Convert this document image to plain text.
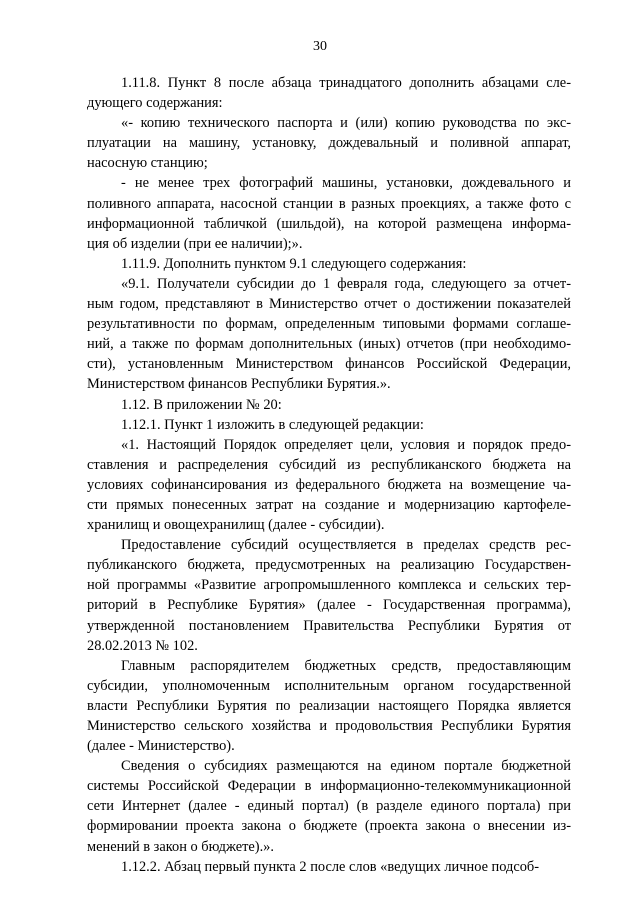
30
1.11.8. Пункт 8 после абзаца тринадцатого дополнить абзацами сле-
дующего содержания:
«- копию технического паспорта и (или) копию руководства по экс-
плуатации на машину, установку, дождевальный и поливной аппарат,
насосную станцию;
- не менее трех фотографий машины, установки, дождевального и
поливного аппарата, насосной станции в разных проекциях, а также фото с
информационной табличкой (шильдой), на которой размещена информа-
ция об изделии (при ее наличии);».
1.11.9. Дополнить пунктом 9.1 следующего содержания:
«9.1. Получатели субсидии до 1 февраля года, следующего за отчет-
ным годом, представляют в Министерство отчет о достижении показателей
результативности по формам, определенным типовыми формами соглаше-
ний, а также по формам дополнительных (иных) отчетов (при необходимо-
сти), установленным Министерством финансов Российской Федерации,
Министерством финансов Республики Бурятия.».
1.12. В приложении № 20:
1.12.1. Пункт 1 изложить в следующей редакции:
«1. Настоящий Порядок определяет цели, условия и порядок предо-
ставления и распределения субсидий из республиканского бюджета на
условиях софинансирования из федерального бюджета на возмещение ча-
сти прямых понесенных затрат на создание и модернизацию картофеле-
хранилищ и овощехранилищ (далее - субсидии).
Предоставление субсидий осуществляется в пределах средств рес-
публиканского бюджета, предусмотренных на реализацию Государствен-
ной программы «Развитие агропромышленного комплекса и сельских тер-
риторий в Республике Бурятия» (далее - Государственная программа),
утвержденной постановлением Правительства Республики Бурятия от
28.02.2013 № 102.
Главным распорядителем бюджетных средств, предоставляющим
субсидии, уполномоченным исполнительным органом государственной
власти Республики Бурятия по реализации настоящего Порядка является
Министерство сельского хозяйства и продовольствия Республики Бурятия
(далее - Министерство).
Сведения о субсидиях размещаются на едином портале бюджетной
системы Российской Федерации в информационно-телекоммуникационной
сети Интернет (далее - единый портал) (в разделе единого портала) при
формировании проекта закона о бюджете (проекта закона о внесении из-
менений в закон о бюджете).».
1.12.2. Абзац первый пункта 2 после слов «ведущих личное подсоб-
